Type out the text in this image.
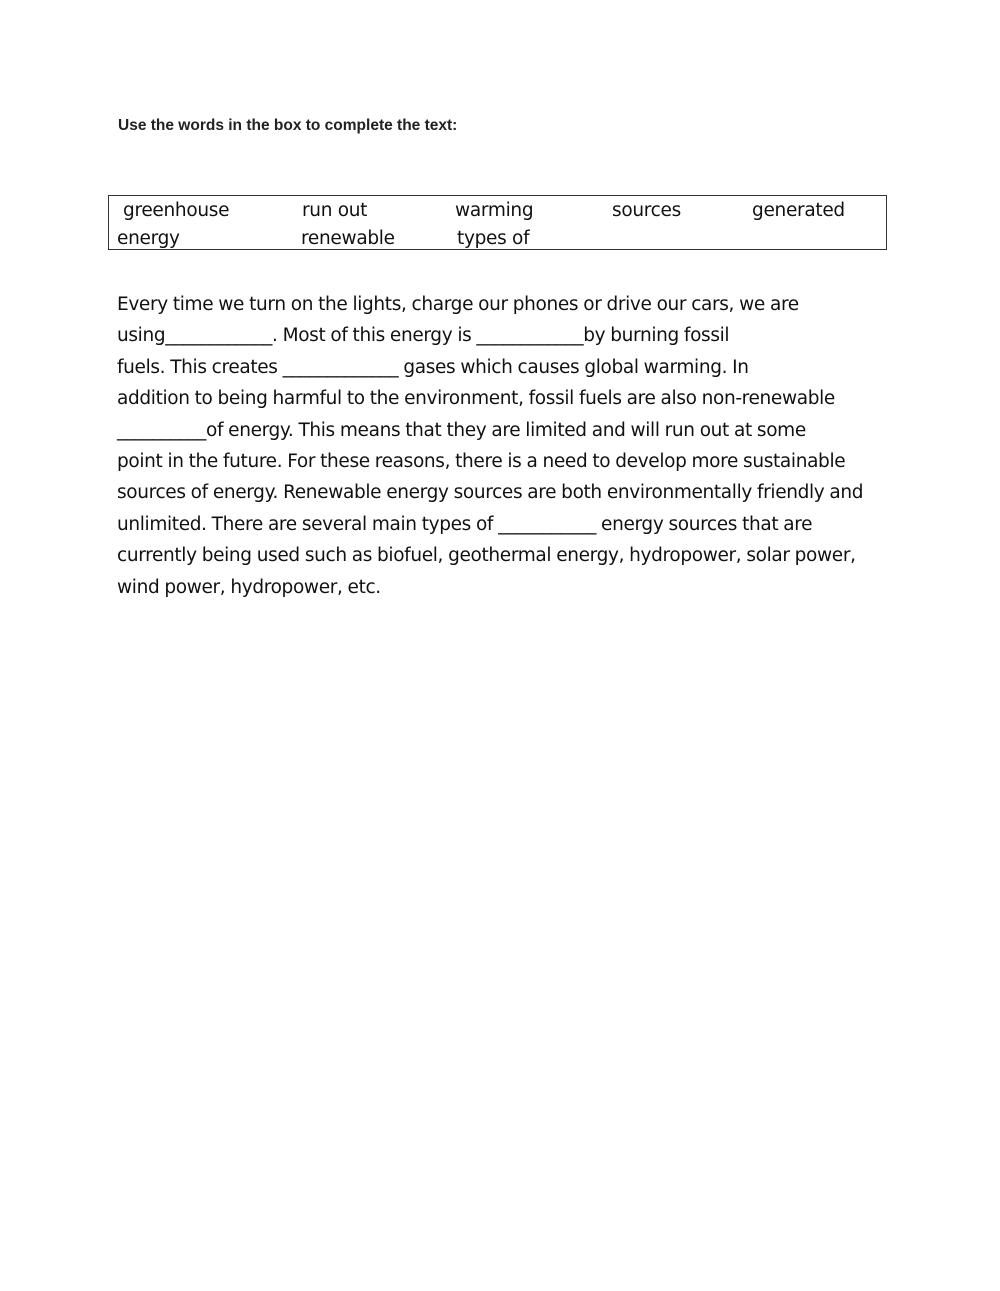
Use the words in the box to complete the text:

greenhouse	run out	warming	sources	generated
energy	renewable	types of
Every time we turn on the lights, charge our phones or drive our cars, we are
using____________. Most of this energy is ____________by burning fossil
fuels. This creates _____________ gases which causes global warming. In
addition to being harmful to the environment, fossil fuels are also non-renewable
__________of energy. This means that they are limited and will run out at some
point in the future. For these reasons, there is a need to develop more sustainable
sources of energy. Renewable energy sources are both environmentally friendly and
unlimited. There are several main types of ___________ energy sources that are
currently being used such as biofuel, geothermal energy, hydropower, solar power,
wind power, hydropower, etc.
